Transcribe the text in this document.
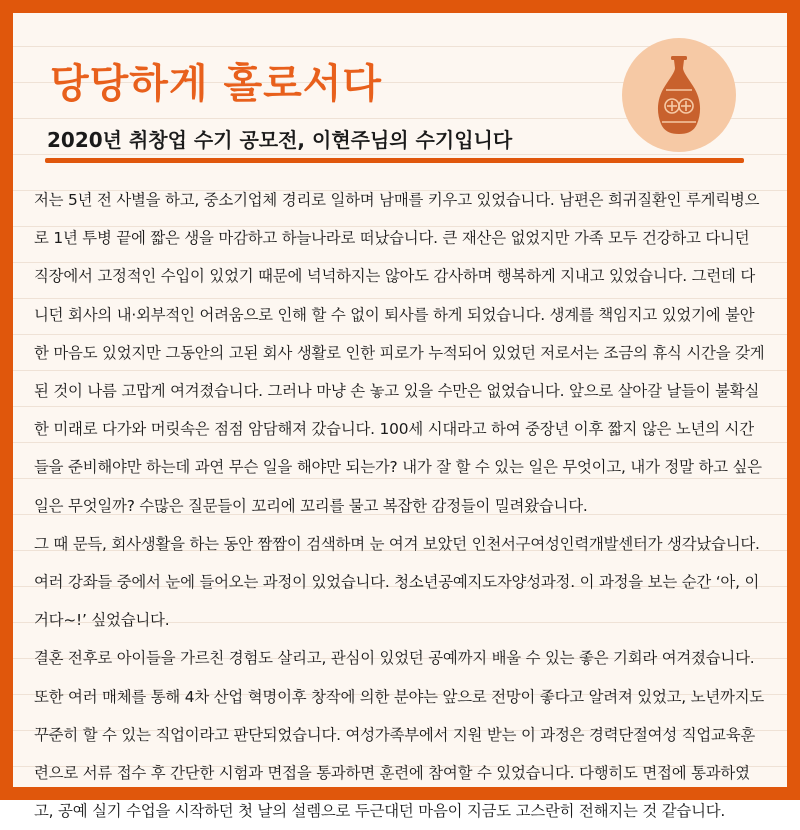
당당하게 홀로서다
2020년 취창업 수기 공모전, 이현주님의 수기입니다

저는 5년 전 사별을 하고, 중소기업체 경리로 일하며 남매를 키우고 있었습니다. 남편은 희귀질환인 루게릭병으로 1년 투병 끝에 짧은 생을 마감하고 하늘나라로 떠났습니다. 큰 재산은 없었지만 가족 모두 건강하고 다니던 직장에서 고정적인 수입이 있었기 때문에 넉넉하지는 않아도 감사하며 행복하게 지내고 있었습니다. 그런데 다니던 회사의 내·외부적인 어려움으로 인해 할 수 없이 퇴사를 하게 되었습니다. 생계를 책임지고 있었기에 불안한 마음도 있었지만 그동안의 고된 회사 생활로 인한 피로가 누적되어 있었던 저로서는 조금의 휴식 시간을 갖게 된 것이 나름 고맙게 여겨졌습니다. 그러나 마냥 손 놓고 있을 수만은 없었습니다. 앞으로 살아갈 날들이 불확실한 미래로 다가와 머릿속은 점점 암담해져 갔습니다. 100세 시대라고 하여 중장년 이후 짧지 않은 노년의 시간들을 준비해야만 하는데 과연 무슨 일을 해야만 되는가? 내가 잘 할 수 있는 일은 무엇이고, 내가 정말 하고 싶은 일은 무엇일까? 수많은 질문들이 꼬리에 꼬리를 물고 복잡한 감정들이 밀려왔습니다.

그 때 문득, 회사생활을 하는 동안 짬짬이 검색하며 눈 여겨 보았던 인천서구여성인력개발센터가 생각났습니다. 여러 강좌들 중에서 눈에 들어오는 과정이 있었습니다. 청소년공예지도자양성과정. 이 과정을 보는 순간 ‘아, 이거다~!’ 싶었습니다.

결혼 전후로 아이들을 가르친 경험도 살리고, 관심이 있었던 공예까지 배울 수 있는 좋은 기회라 여겨졌습니다. 또한 여러 매체를 통해 4차 산업 혁명이후 창작에 의한 분야는 앞으로 전망이 좋다고 알려져 있었고, 노년까지도 꾸준히 할 수 있는 직업이라고 판단되었습니다. 여성가족부에서 지원 받는 이 과정은 경력단절여성 직업교육훈련으로 서류 접수 후 간단한 시험과 면접을 통과하면 훈련에 참여할 수 있었습니다. 다행히도 면접에 통과하였고, 공예 실기 수업을 시작하던 첫 날의 설렘으로 두근대던 마음이 지금도 고스란히 전해지는 것 같습니다.
